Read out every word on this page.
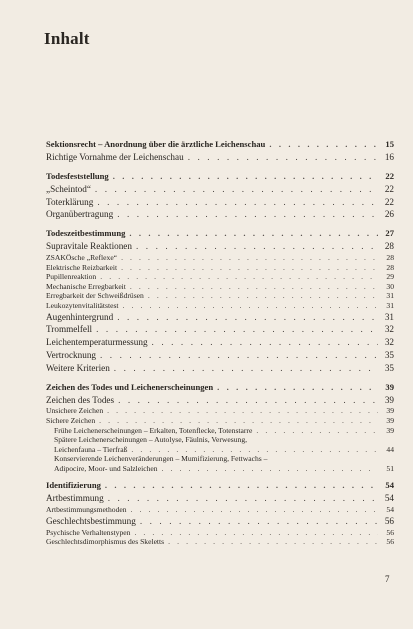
Inhalt
Sektionsrecht – Anordnung über die ärztliche Leichenschau . . .	15
Richtige Vornahme der Leichenschau . . .	16
Todesfeststellung . . .	22
„Scheintod“ . . .	22
Toterklärung . . .	22
Organübertragung . . .	26
Todeszeitbestimmung . . .	27
Supravitale Reaktionen . . .	28
ZSAKÖsche „Reflexe“ . . .	28
Elektrische Reizbarkeit . . .	28
Pupillenreaktion . . .	29
Mechanische Erregbarkeit . . .	30
Erregbarkeit der Schweißdrüsen . . .	31
Leukozytenvitalitätstest . . .	31
Augenhintergrund . . .	31
Trommelfell . . .	32
Leichentemperaturmessung . . .	32
Vertrocknung . . .	35
Weitere Kriterien . . .	35
Zeichen des Todes und Leichenerscheinungen . . .	39
Zeichen des Todes . . .	39
Unsichere Zeichen . . .	39
Sichere Zeichen . . .	39
Frühe Leichenerscheinungen – Erkalten, Totenflecke, Totenstarre . . .	39
Spätere Leichenerscheinungen – Autolyse, Fäulnis, Verwesung,
Leichenfauna – Tierfraß . . .	44
Konservierende Leichenveränderungen – Mumifizierung, Fettwachs –
Adipocire, Moor- und Salzleichen . . .	51
Identifizierung . . .	54
Artbestimmung . . .	54
Artbestimmungsmethoden . . .	54
Geschlechtsbestimmung . . .	56
Psychische Verhaltenstypen . . .	56
Geschlechtsdimorphismus des Skeletts . . .	56
7
